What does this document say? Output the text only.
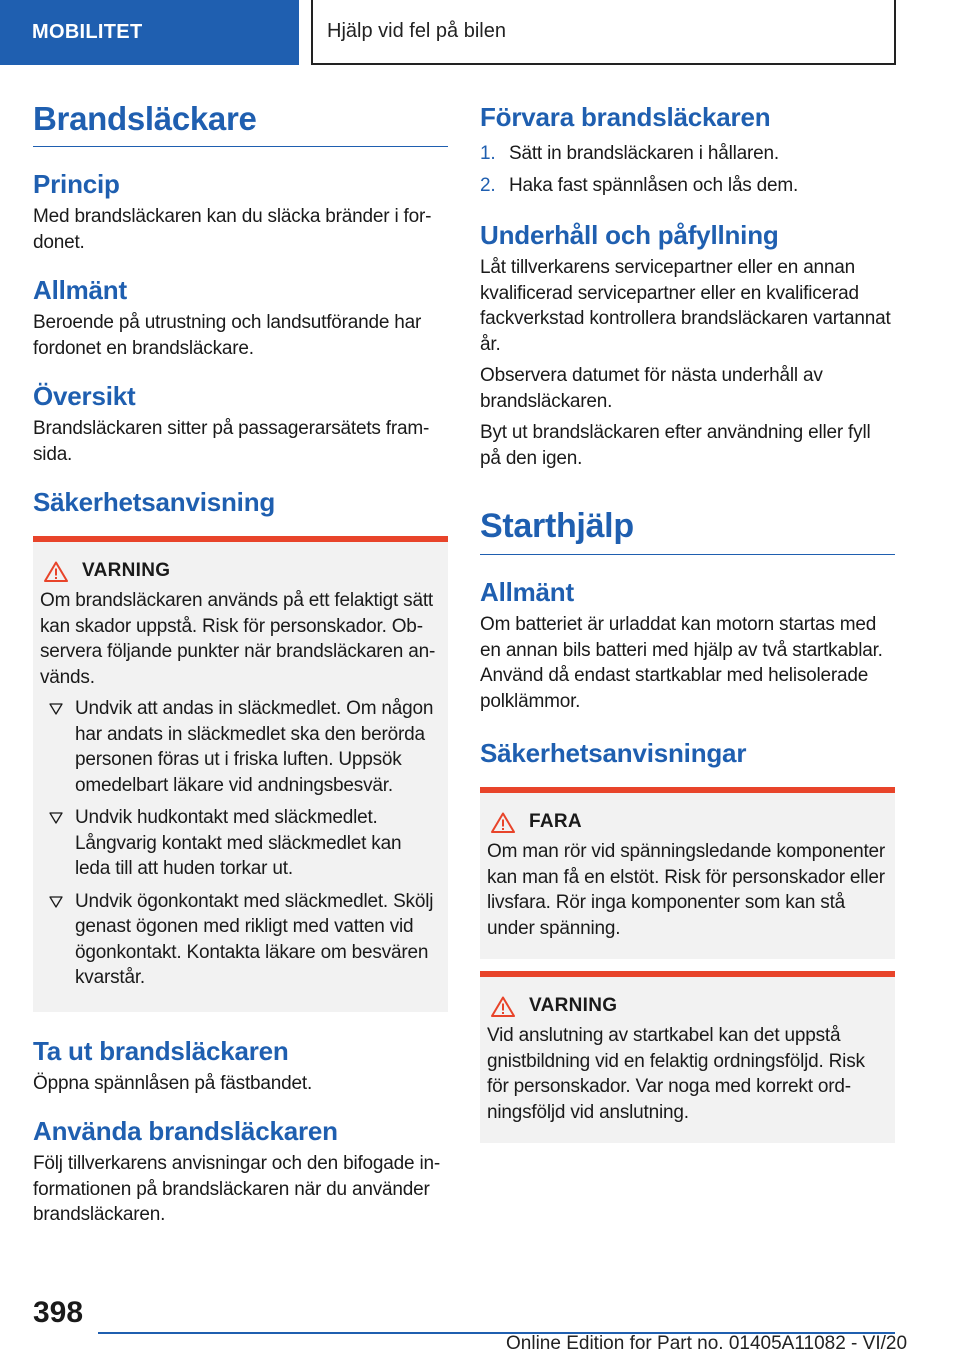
MOBILITET	Hjälp vid fel på bilen
Brandsläckare
Princip

Med brandsläckaren kan du släcka bränder i fordonet.

Allmänt

Beroende på utrustning och landsutförande har fordonet en brandsläckare.

Översikt

Brandsläckaren sitter på passagerarsätets framsida.

Säkerhetsanvisning
VARNING

Om brandsläckaren används på ett felaktigt sätt kan skador uppstå. Risk för personskador. Observera följande punkter när brandsläckaren används.

Undvik att andas in släckmedlet. Om någon har andats in släckmedlet ska den berörda personen föras ut i friska luften. Uppsök omedelbart läkare vid andningsbesvär.
Undvik hudkontakt med släckmedlet. Långvarig kontakt med släckmedlet kan leda till att huden torkar ut.
Undvik ögonkontakt med släckmedlet. Skölj genast ögonen med rikligt med vatten vid ögonkontakt. Kontakta läkare om besvären kvarstår.
Ta ut brandsläckaren

Öppna spännlåsen på fästbandet.

Använda brandsläckaren

Följ tillverkarens anvisningar och den bifogade informationen på brandsläckaren när du använder brandsläckaren.

Förvara brandsläckaren
1. Sätt in brandsläckaren i hållaren.
2. Haka fast spännlåsen och lås dem.
Underhåll och påfyllning

Låt tillverkarens servicepartner eller en annan kvalificerad servicepartner eller en kvalificerad fackverkstad kontrollera brandsläckaren vartannat år.

Observera datumet för nästa underhåll av brandsläckaren.

Byt ut brandsläckaren efter användning eller fyll på den igen.

Starthjälp
Allmänt

Om batteriet är urladdat kan motorn startas med en annan bils batteri med hjälp av två startkablar. Använd då endast startkablar med helisolerade polklämmor.

Säkerhetsanvisningar
FARA

Om man rör vid spänningsledande komponenter kan man få en elstöt. Risk för personskador eller livsfara. Rör inga komponenter som kan stå under spänning.

VARNING

Vid anslutning av startkabel kan det uppstå gnistbildning vid en felaktig ordningsföljd. Risk för personskador. Var noga med korrekt ordningsföljd vid anslutning.

398
Online Edition for Part no. 01405A11082 - VI/20
